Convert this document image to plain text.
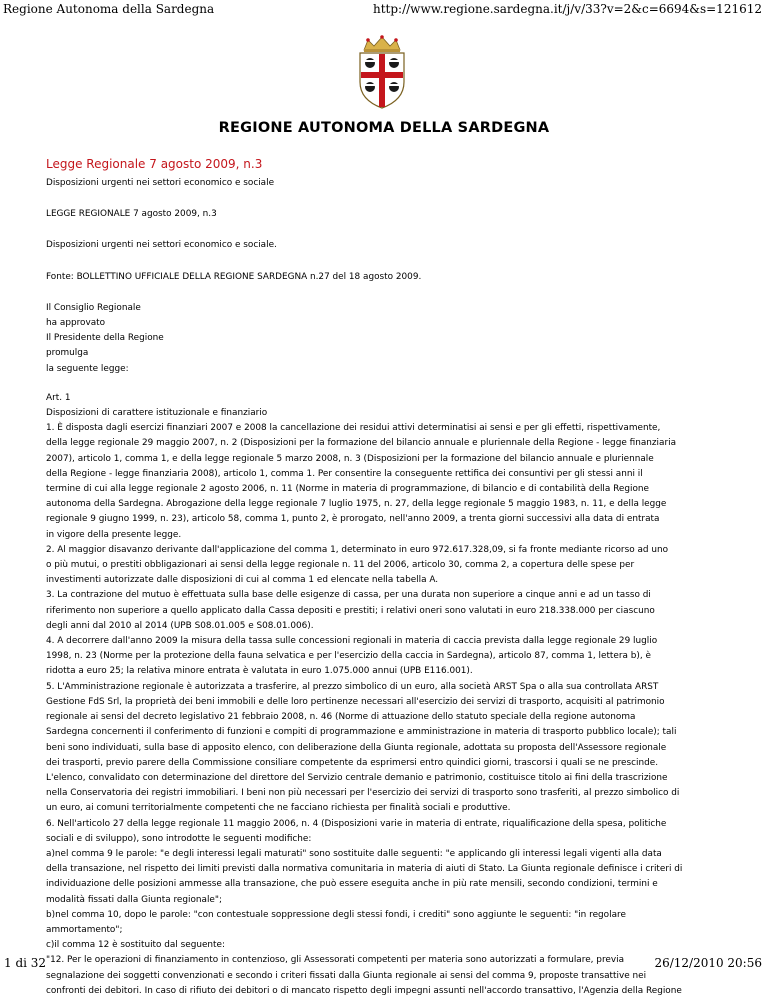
Regione Autonoma della Sardegna	http://www.regione.sardegna.it/j/v/33?v=2&c=6694&s=121612
REGIONE AUTONOMA DELLA SARDEGNA

Legge Regionale 7 agosto 2009, n.3

Disposizioni urgenti nei settori economico e sociale

LEGGE REGIONALE 7 agosto 2009, n.3

Disposizioni urgenti nei settori economico e sociale.

Fonte: BOLLETTINO UFFICIALE DELLA REGIONE SARDEGNA n.27 del 18 agosto 2009.

Il Consiglio Regionale

ha approvato

Il Presidente della Regione

promulga

la seguente legge:

Art. 1

Disposizioni di carattere istituzionale e finanziario

1. È disposta dagli esercizi finanziari 2007 e 2008 la cancellazione dei residui attivi determinatisi ai sensi e per gli effetti, rispettivamente,

della legge regionale 29 maggio 2007, n. 2 (Disposizioni per la formazione del bilancio annuale e pluriennale della Regione - legge finanziaria

2007), articolo 1, comma 1, e della legge regionale 5 marzo 2008, n. 3 (Disposizioni per la formazione del bilancio annuale e pluriennale

della Regione - legge finanziaria 2008), articolo 1, comma 1. Per consentire la conseguente rettifica dei consuntivi per gli stessi anni il

termine di cui alla legge regionale 2 agosto 2006, n. 11 (Norme in materia di programmazione, di bilancio e di contabilità della Regione

autonoma della Sardegna. Abrogazione della legge regionale 7 luglio 1975, n. 27, della legge regionale 5 maggio 1983, n. 11, e della legge

regionale 9 giugno 1999, n. 23), articolo 58, comma 1, punto 2, è prorogato, nell'anno 2009, a trenta giorni successivi alla data di entrata

in vigore della presente legge.

2. Al maggior disavanzo derivante dall'applicazione del comma 1, determinato in euro 972.617.328,09, si fa fronte mediante ricorso ad uno

o più mutui, o prestiti obbligazionari ai sensi della legge regionale n. 11 del 2006, articolo 30, comma 2, a copertura delle spese per

investimenti autorizzate dalle disposizioni di cui al comma 1 ed elencate nella tabella A.

3. La contrazione del mutuo è effettuata sulla base delle esigenze di cassa, per una durata non superiore a cinque anni e ad un tasso di

riferimento non superiore a quello applicato dalla Cassa depositi e prestiti; i relativi oneri sono valutati in euro 218.338.000 per ciascuno

degli anni dal 2010 al 2014 (UPB S08.01.005 e S08.01.006).

4. A decorrere dall'anno 2009 la misura della tassa sulle concessioni regionali in materia di caccia prevista dalla legge regionale 29 luglio

1998, n. 23 (Norme per la protezione della fauna selvatica e per l'esercizio della caccia in Sardegna), articolo 87, comma 1, lettera b), è

ridotta a euro 25; la relativa minore entrata è valutata in euro 1.075.000 annui (UPB E116.001).

5. L'Amministrazione regionale è autorizzata a trasferire, al prezzo simbolico di un euro, alla società ARST Spa o alla sua controllata ARST

Gestione FdS Srl, la proprietà dei beni immobili e delle loro pertinenze necessari all'esercizio dei servizi di trasporto, acquisiti al patrimonio

regionale ai sensi del decreto legislativo 21 febbraio 2008, n. 46 (Norme di attuazione dello statuto speciale della regione autonoma

Sardegna concernenti il conferimento di funzioni e compiti di programmazione e amministrazione in materia di trasporto pubblico locale); tali

beni sono individuati, sulla base di apposito elenco, con deliberazione della Giunta regionale, adottata su proposta dell'Assessore regionale

dei trasporti, previo parere della Commissione consiliare competente da esprimersi entro quindici giorni, trascorsi i quali se ne prescinde.

L'elenco, convalidato con determinazione del direttore del Servizio centrale demanio e patrimonio, costituisce titolo ai fini della trascrizione

nella Conservatoria dei registri immobiliari. I beni non più necessari per l'esercizio dei servizi di trasporto sono trasferiti, al prezzo simbolico di

un euro, ai comuni territorialmente competenti che ne facciano richiesta per finalità sociali e produttive.

6. Nell'articolo 27 della legge regionale 11 maggio 2006, n. 4 (Disposizioni varie in materia di entrate, riqualificazione della spesa, politiche

sociali e di sviluppo), sono introdotte le seguenti modifiche:

a)nel comma 9 le parole: "e degli interessi legali maturati" sono sostituite dalle seguenti: "e applicando gli interessi legali vigenti alla data

della transazione, nel rispetto dei limiti previsti dalla normativa comunitaria in materia di aiuti di Stato. La Giunta regionale definisce i criteri di

individuazione delle posizioni ammesse alla transazione, che può essere eseguita anche in più rate mensili, secondo condizioni, termini e

modalità fissati dalla Giunta regionale";

b)nel comma 10, dopo le parole: "con contestuale soppressione degli stessi fondi, i crediti" sono aggiunte le seguenti: "in regolare

ammortamento";

c)il comma 12 è sostituito dal seguente:

"12. Per le operazioni di finanziamento in contenzioso, gli Assessorati competenti per materia sono autorizzati a formulare, previa

segnalazione dei soggetti convenzionati e secondo i criteri fissati dalla Giunta regionale ai sensi del comma 9, proposte transattive nei

confronti dei debitori. In caso di rifiuto dei debitori o di mancato rispetto degli impegni assunti nell'accordo transattivo, l'Agenzia della Regione

1 di 32	26/12/2010 20:56
